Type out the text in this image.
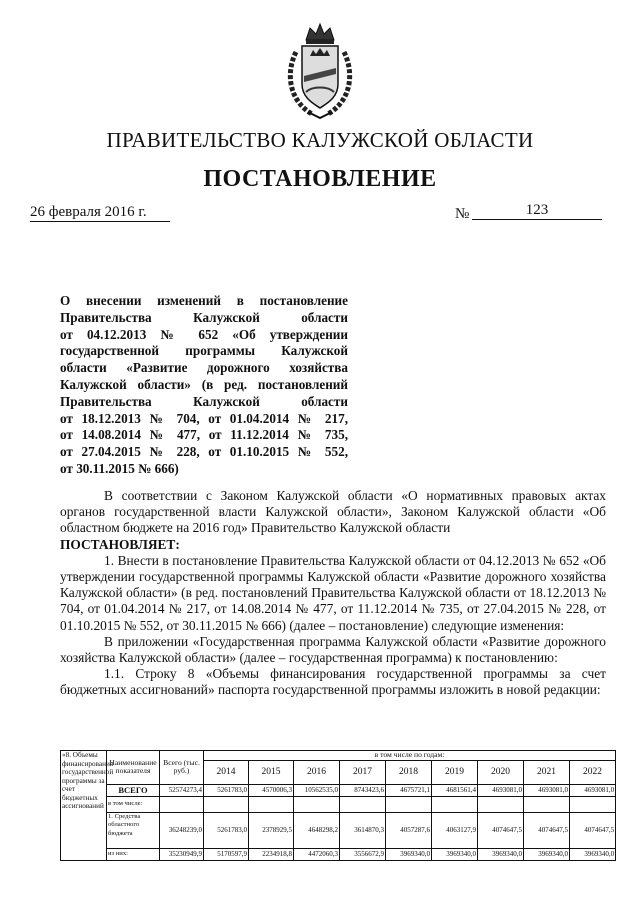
ПРАВИТЕЛЬСТВО КАЛУЖСКОЙ ОБЛАСТИ
ПОСТАНОВЛЕНИЕ
26 февраля 2016 г.	№	123
О внесении изменений в постановление
Правительства Калужской области
от 04.12.2013 № 652 «Об утверждении
государственной программы Калужской
области «Развитие дорожного хозяйства
Калужской области» (в ред. постановлений
Правительства Калужской области
от 18.12.2013 № 704, от 01.04.2014 № 217,
от 14.08.2014 № 477, от 11.12.2014 № 735,
от 27.04.2015 № 228, от 01.10.2015 № 552,
от 30.11.2015 № 666)

В соответствии с Законом Калужской области «О нормативных правовых актах органов государственной власти Калужской области», Законом Калужской области «Об областном бюджете на 2016 год» Правительство Калужской области

ПОСТАНОВЛЯЕТ:

1. Внести в постановление Правительства Калужской области от 04.12.2013 № 652 «Об утверждении государственной программы Калужской области «Развитие дорожного хозяйства Калужской области» (в ред. постановлений Правительства Калужской области от 18.12.2013 № 704, от 01.04.2014 № 217, от 14.08.2014 № 477, от 11.12.2014 № 735, от 27.04.2015 № 228, от 01.10.2015 № 552, от 30.11.2015 № 666) (далее – постановление) следующие изменения:

В приложении «Государственная программа Калужской области «Развитие дорожного хозяйства Калужской области» (далее – государственная программа) к постановлению:

1.1. Строку 8 «Объемы финансирования государственной программы за счет бюджетных ассигнований» паспорта государственной программы изложить в новой редакции:

«8. Объемы финансирования государственной программы за счет бюджетных ассигнований	Наименование показателя	Всего (тыс. руб.)	в том числе по годам:								
			2014	2015	2016	2017	2018	2019	2020	2021	2022
	ВСЕГО	52574273,4	5261783,0	4570006,3	10562535,0	8743423,6	4675721,1	4681561,4	4693081,0	4693081,0	4693081,0
	в том числе:										
	1. Средства областного бюджета	36248239,0	5261783,0	2378929,5	4648298,2	3614870,3	4057287,6	4063127,9	4074647,5	4074647,5	4074647,5
	из них:	35230949,9	5170597,9	2234918,8	4472060,3	3556672,9	3969340,0	3969340,0	3969340,0	3969340,0	3969340,0
